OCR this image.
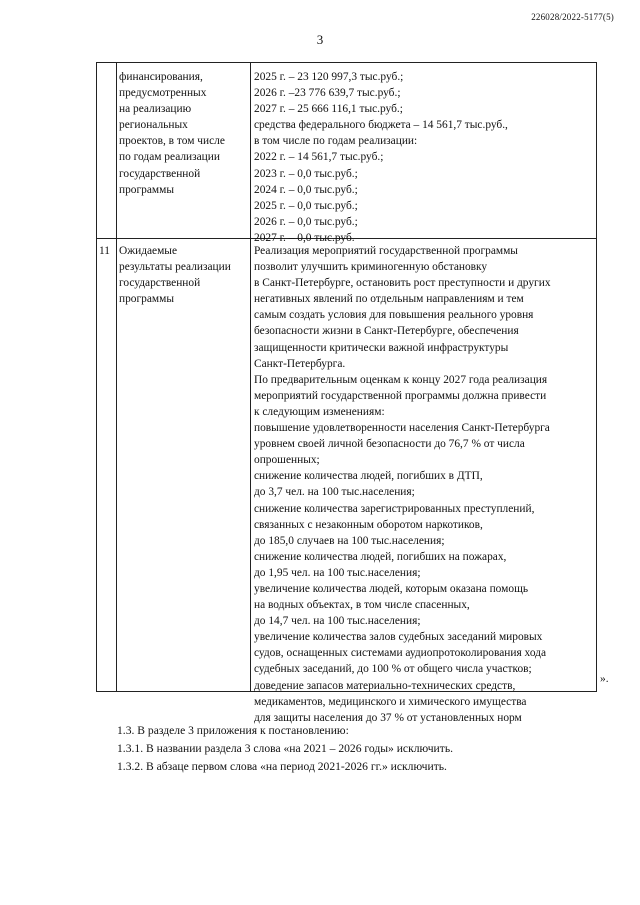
226028/2022-5177(5)
3
финансирования,
предусмотренных
на реализацию
региональных
проектов, в том числе
по годам реализации
государственной
программы
2025 г. – 23 120 997,3 тыс.руб.;
2026 г. –23 776 639,7 тыс.руб.;
2027 г. – 25 666 116,1 тыс.руб.;
средства федерального бюджета – 14 561,7 тыс.руб.,
в том числе по годам реализации:
2022 г. – 14 561,7 тыс.руб.;
2023 г. – 0,0 тыс.руб.;
2024 г. – 0,0 тыс.руб.;
2025 г. – 0,0 тыс.руб.;
2026 г. – 0,0 тыс.руб.;
2027 г. – 0,0 тыс.руб.
11 Ожидаемые
результаты реализации
государственной
программы
Реализация мероприятий государственной программы
позволит улучшить криминогенную обстановку
в Санкт-Петербурге, остановить рост преступности и других
негативных явлений по отдельным направлениям и тем
самым создать условия для повышения реального уровня
безопасности жизни в Санкт-Петербурге, обеспечения
защищенности критически важной инфраструктуры
Санкт-Петербурга.
По предварительным оценкам к концу 2027 года реализация
мероприятий государственной программы должна привести
к следующим изменениям:
повышение удовлетворенности населения Санкт-Петербурга
уровнем своей личной безопасности до 76,7 % от числа
опрошенных;
снижение количества людей, погибших в ДТП,
до 3,7 чел. на 100 тыс.населения;
снижение количества зарегистрированных преступлений,
связанных с незаконным оборотом наркотиков,
до 185,0 случаев на 100 тыс.населения;
снижение количества людей, погибших на пожарах,
до 1,95 чел. на 100 тыс.населения;
увеличение количества людей, которым оказана помощь
на водных объектах, в том числе спасенных,
до 14,7 чел. на 100 тыс.населения;
увеличение количества залов судебных заседаний мировых
судов, оснащенных системами аудиопротоколирования хода
судебных заседаний, до 100 % от общего числа участков;
доведение запасов материально-технических средств,
медикаментов, медицинского и химического имущества
для защиты населения до 37 % от установленных норм
».
1.3. В разделе 3 приложения к постановлению:
1.3.1. В названии раздела 3 слова «на 2021 – 2026 годы» исключить.
1.3.2. В абзаце первом слова «на период 2021-2026 гг.» исключить.
